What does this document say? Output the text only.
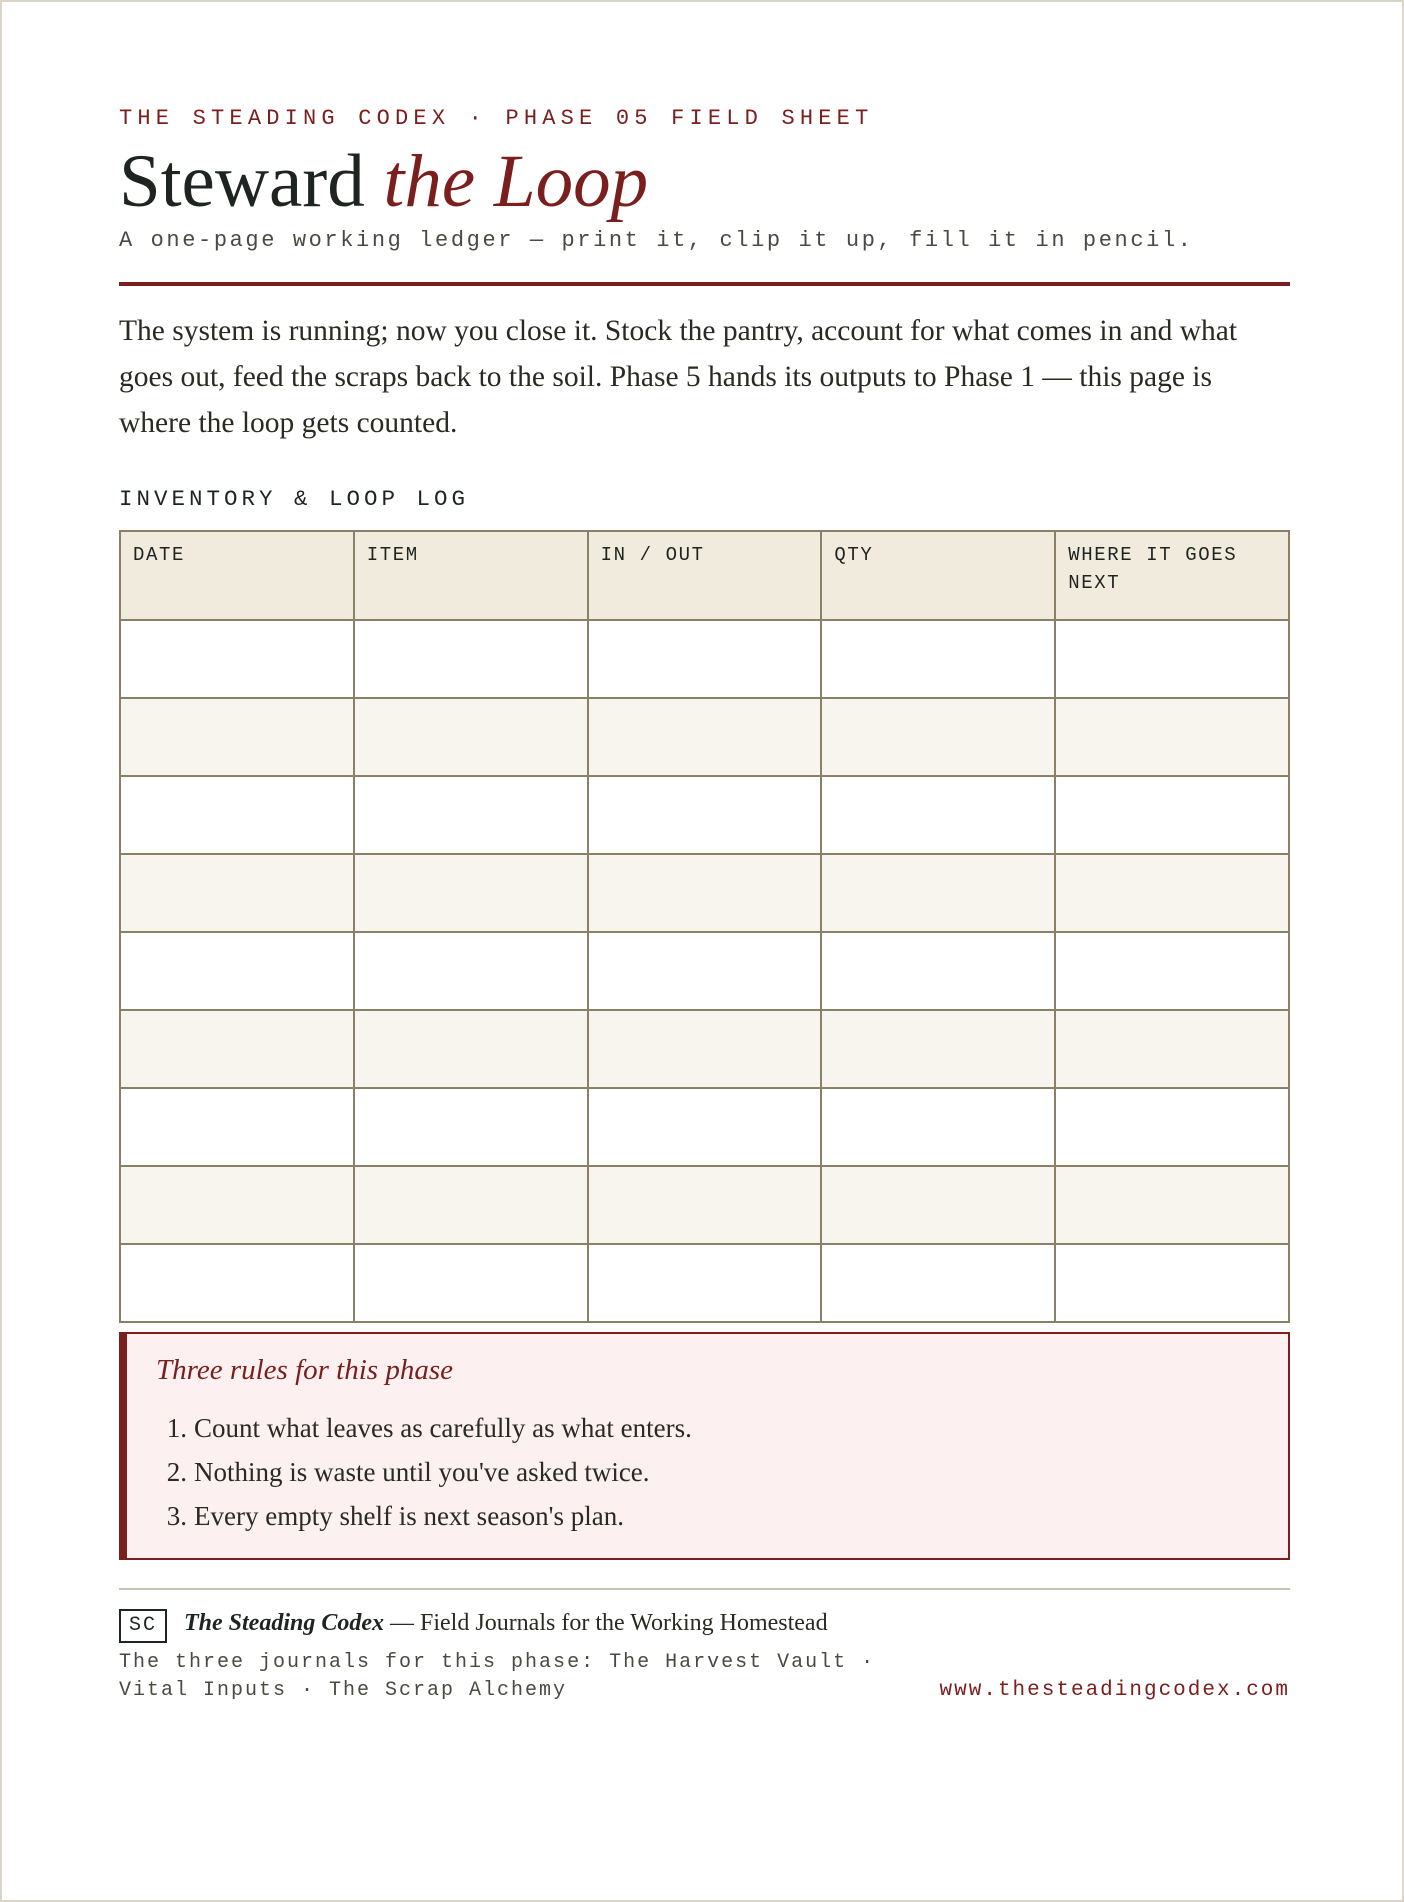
THE STEADING CODEX · PHASE 05 FIELD SHEET
Steward the Loop
A one-page working ledger — print it, clip it up, fill it in pencil.

The system is running; now you close it. Stock the pantry, account for what comes in and what goes out, feed the scraps back to the soil. Phase 5 hands its outputs to Phase 1 — this page is where the loop gets counted.

INVENTORY & LOOP LOG
DATE	ITEM	IN / OUT	QTY	WHERE IT GOES NEXT

Three rules for this phase
1. Count what leaves as carefully as what enters.
2. Nothing is waste until you've asked twice.
3. Every empty shelf is next season's plan.
SC	The Steading Codex — Field Journals for the Working Homestead
The three journals for this phase: The Harvest Vault · Vital Inputs · The Scrap Alchemy	www.thesteadingcodex.com
